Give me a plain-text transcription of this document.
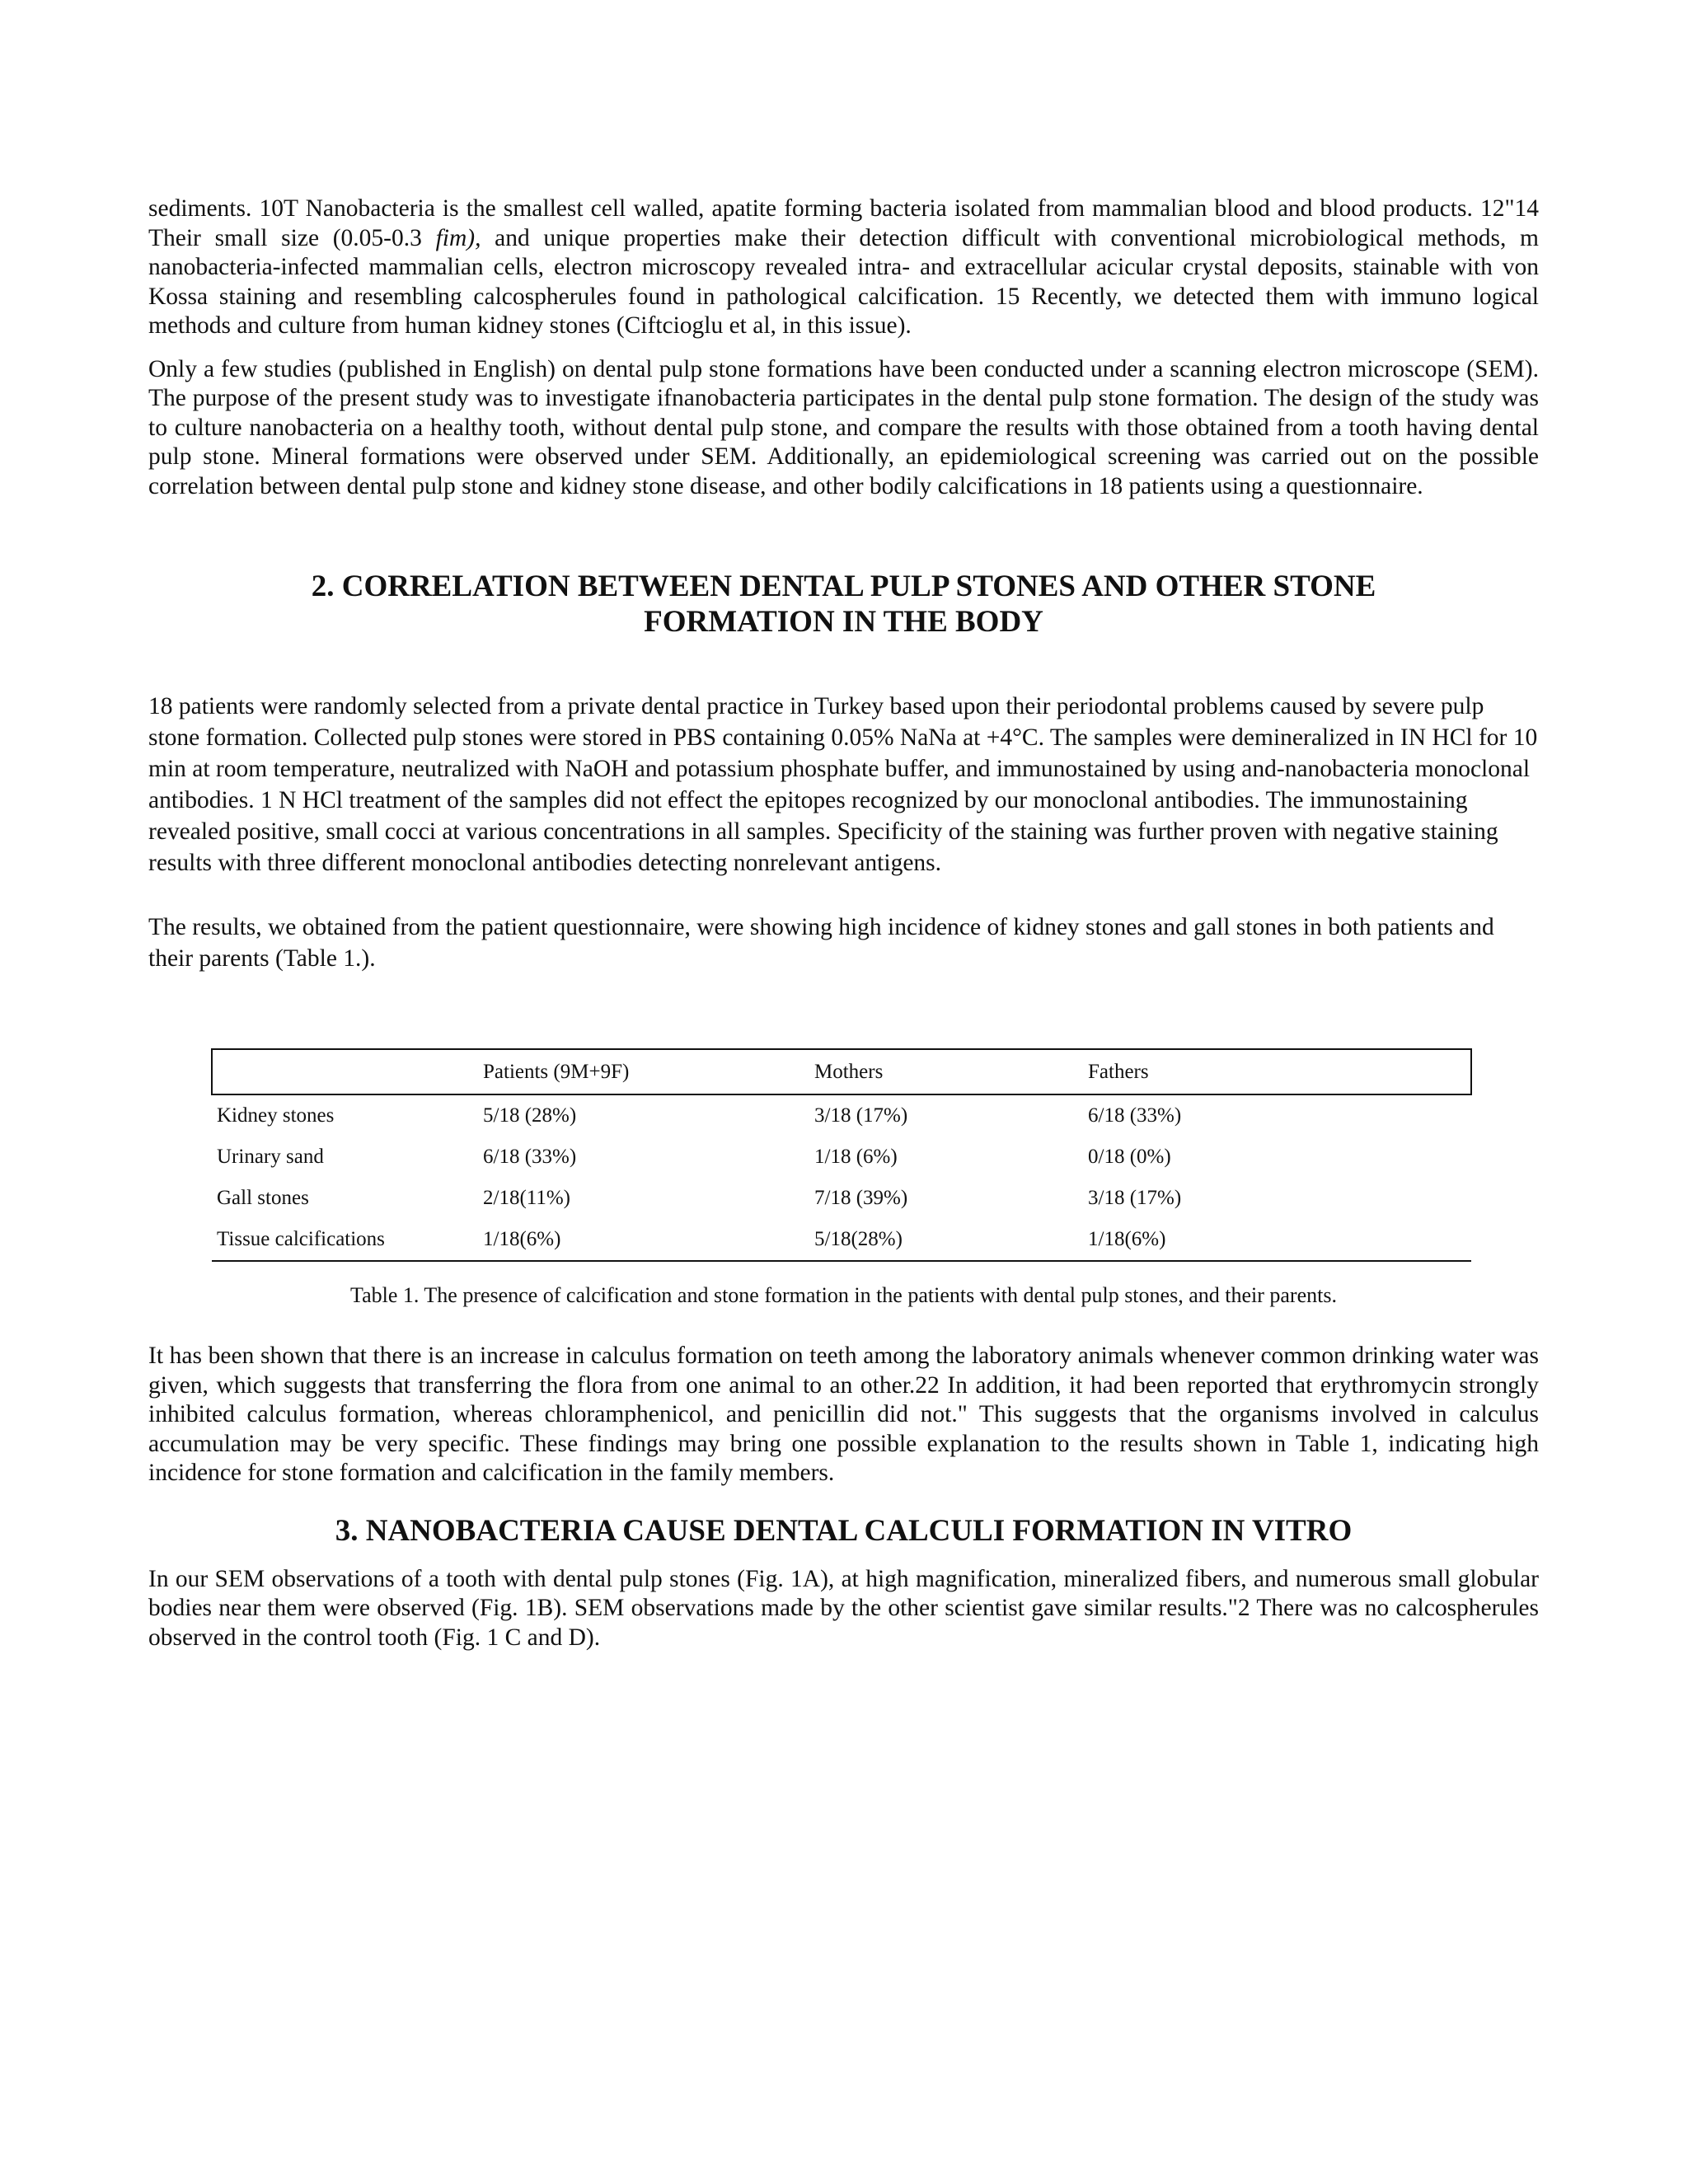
sediments. 10T Nanobacteria is the smallest cell walled, apatite forming bacteria isolated from mammalian blood and blood products. 12"14 Their small size (0.05-0.3 fim), and unique properties make their detection difficult with conventional microbiological methods, m nanobacteria-infected mammalian cells, electron microscopy revealed intra- and extracellular acicular crystal deposits, stainable with von Kossa staining and resembling calcospherules found in pathological calcification. 15 Recently, we detected them with immuno logical methods and culture from human kidney stones (Ciftcioglu et al, in this issue).

Only a few studies (published in English) on dental pulp stone formations have been conducted under a scanning electron microscope (SEM). The purpose of the present study was to investigate ifnanobacteria participates in the dental pulp stone formation. The design of the study was to culture nanobacteria on a healthy tooth, without dental pulp stone, and compare the results with those obtained from a tooth having dental pulp stone. Mineral formations were observed under SEM. Additionally, an epidemiological screening was carried out on the possible correlation between dental pulp stone and kidney stone disease, and other bodily calcifications in 18 patients using a questionnaire.

2. CORRELATION BETWEEN DENTAL PULP STONES AND OTHER STONE
FORMATION IN THE BODY

18 patients were randomly selected from a private dental practice in Turkey based upon their periodontal problems caused by severe pulp stone formation. Collected pulp stones were stored in PBS containing 0.05% NaNa at +4°C. The samples were demineralized in IN HCl for 10 min at room temperature, neutralized with NaOH and potassium phosphate buffer, and immunostained by using and-nanobacteria monoclonal antibodies. 1 N HCl treatment of the samples did not effect the epitopes recognized by our monoclonal antibodies. The immunostaining revealed positive, small cocci at various concentrations in all samples. Specificity of the staining was further proven with negative staining results with three different monoclonal antibodies detecting nonrelevant antigens.

The results, we obtained from the patient questionnaire, were showing high incidence of kidney stones and gall stones in both patients and their parents (Table 1.).

	Patients (9M+9F)	Mothers	Fathers
Kidney stones	5/18 (28%)	3/18 (17%)	6/18 (33%)
Urinary sand	6/18 (33%)	1/18 (6%)	0/18 (0%)
Gall stones	2/18(11%)	7/18 (39%)	3/18 (17%)
Tissue calcifications	1/18(6%)	5/18(28%)	1/18(6%)

Table 1. The presence of calcification and stone formation in the patients with dental pulp stones, and their parents.

It has been shown that there is an increase in calculus formation on teeth among the laboratory animals whenever common drinking water was given, which suggests that transferring the flora from one animal to an other.22 In addition, it had been reported that erythromycin strongly inhibited calculus formation, whereas chloramphenicol, and penicillin did not." This suggests that the organisms involved in calculus accumulation may be very specific. These findings may bring one possible explanation to the results shown in Table 1, indicating high incidence for stone formation and calcification in the family members.

3. NANOBACTERIA CAUSE DENTAL CALCULI FORMATION IN VITRO

In our SEM observations of a tooth with dental pulp stones (Fig. 1A), at high magnification, mineralized fibers, and numerous small globular bodies near them were observed (Fig. 1B). SEM observations made by the other scientist gave similar results."2 There was no calcospherules observed in the control tooth (Fig. 1 C and D).
